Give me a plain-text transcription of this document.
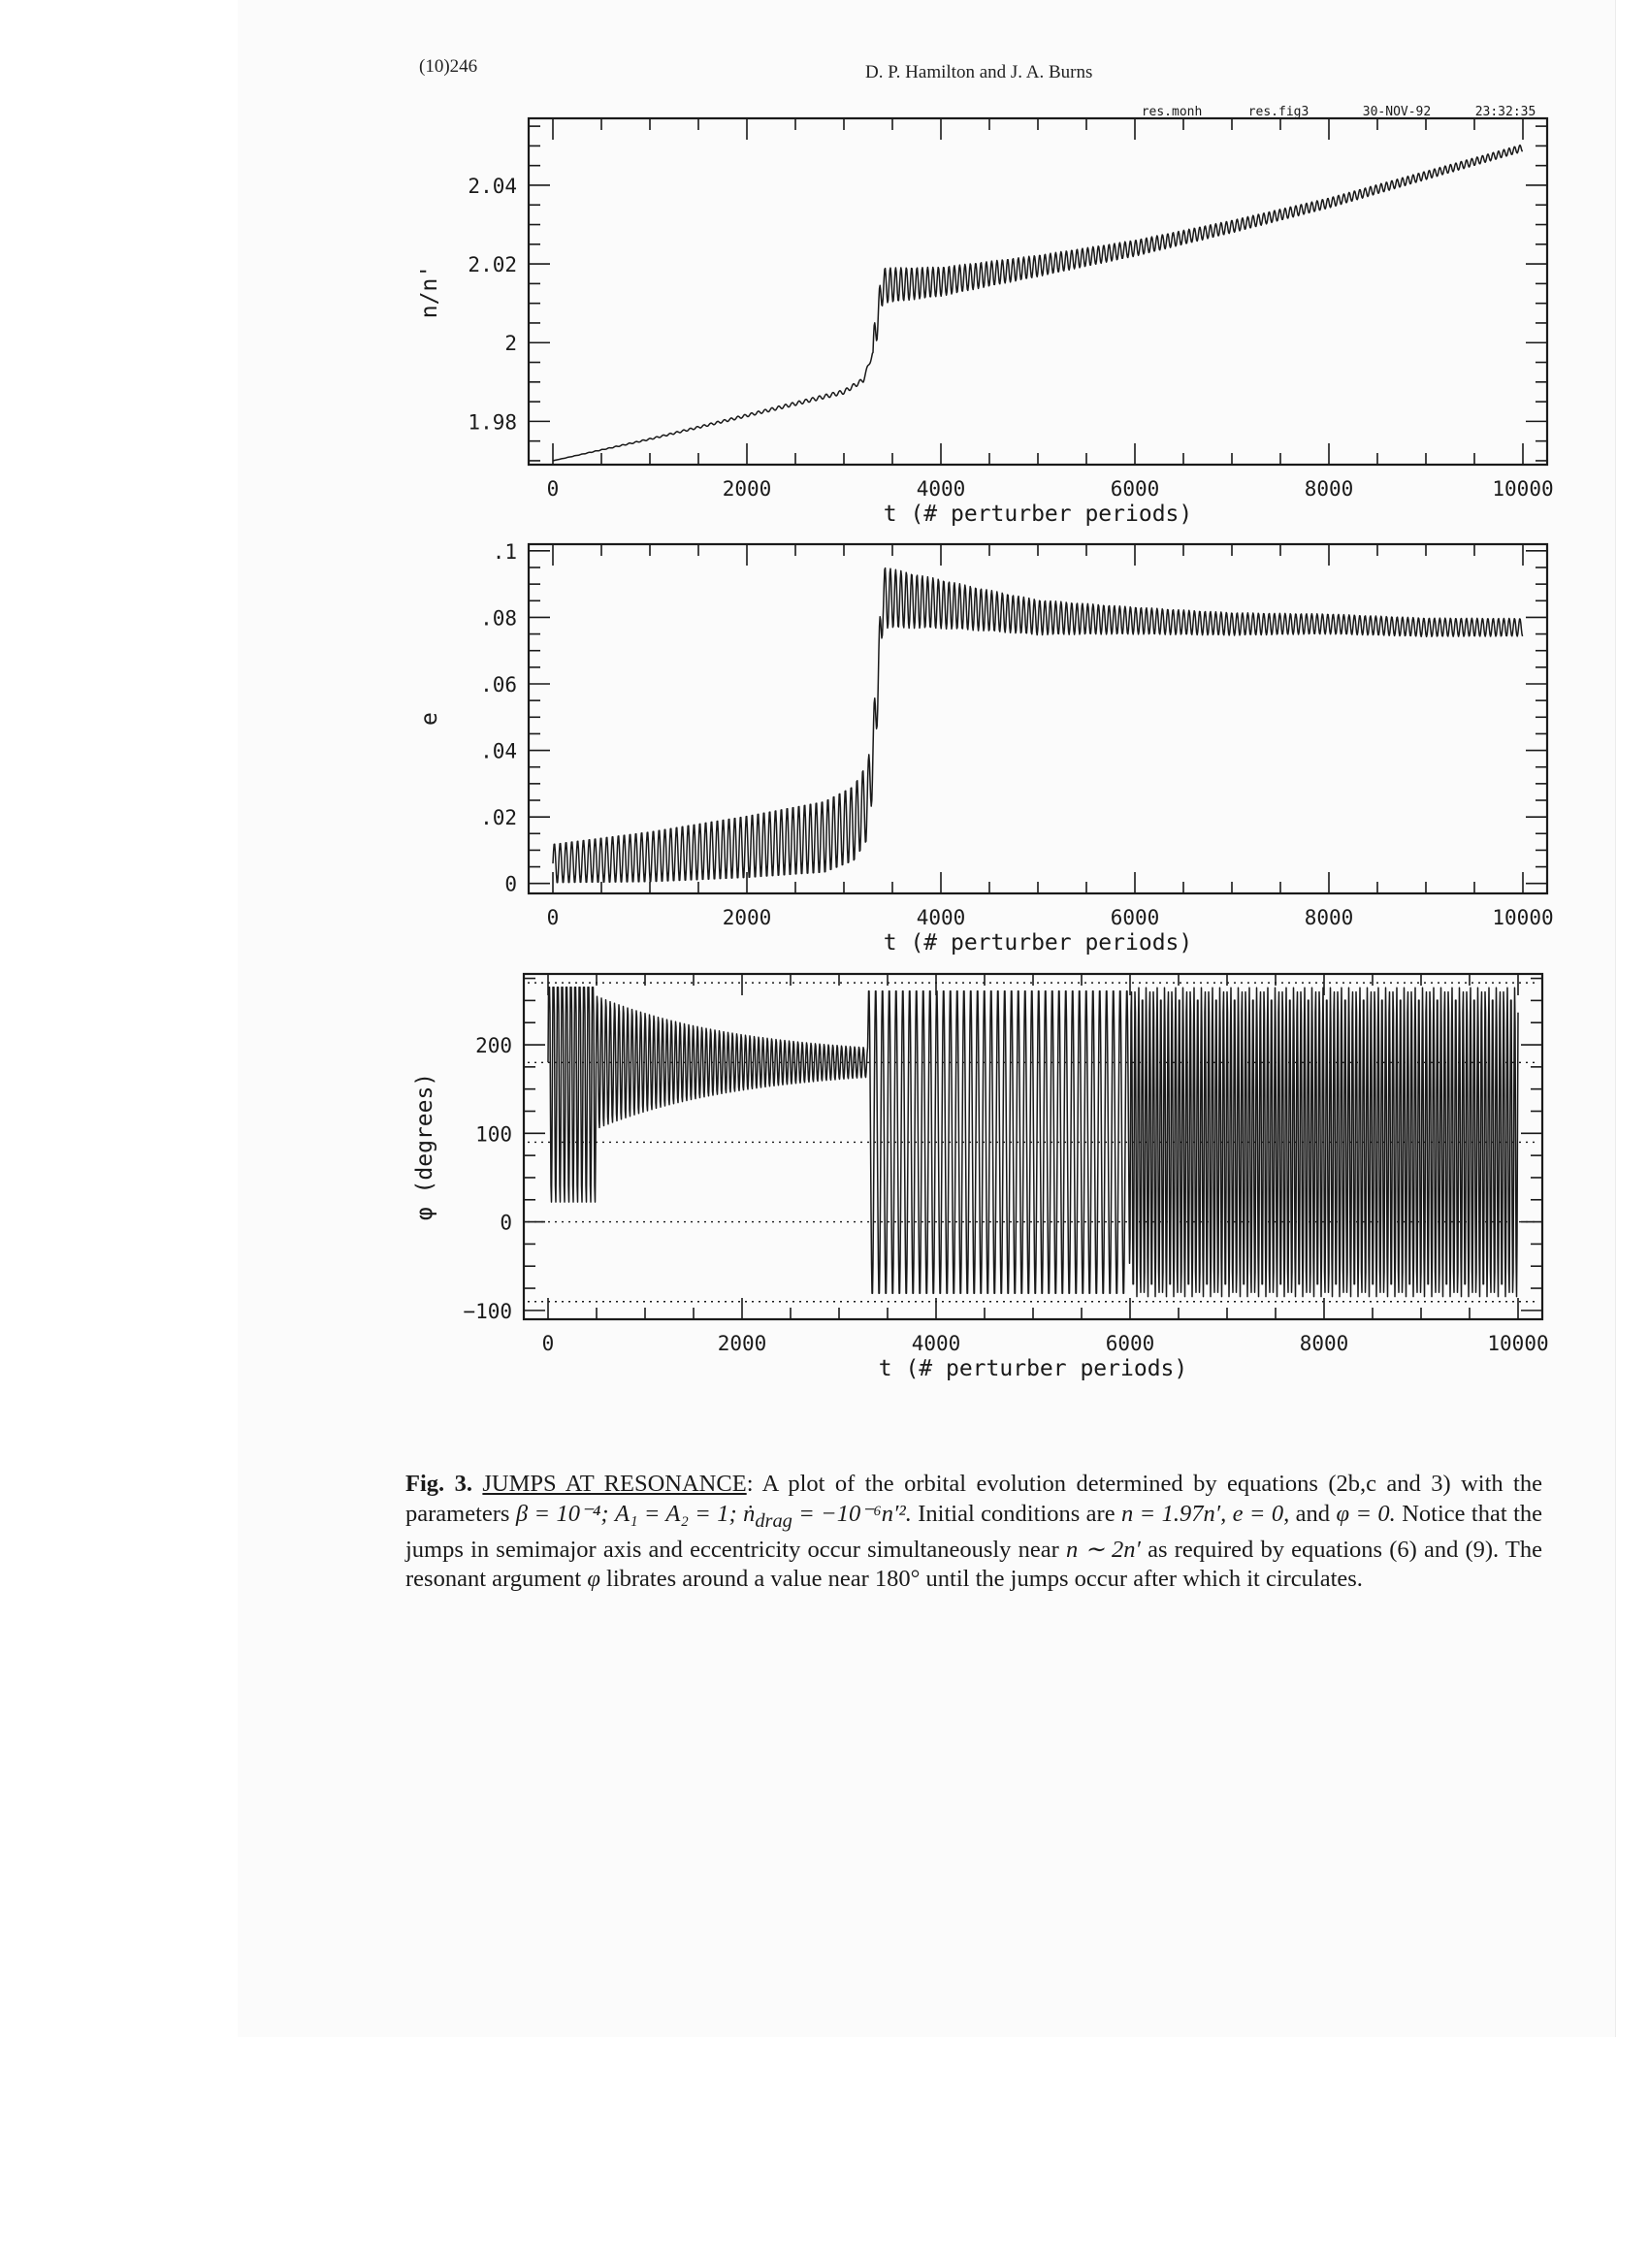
(10)246	D. P. Hamilton and J. A. Burns
0	2000	4000	6000	8000	10000
1.98
2
2.02
2.04
t (# perturber periods)
n/n'
res.monh	res.fig3	30-NOV-92	23:32:35
0	2000	4000	6000	8000	10000
0
.02
.04
.06
.08
.1
t (# perturber periods)
e
0	2000	4000	6000	8000	10000
−100
0
100
200
t (# perturber periods)
φ (degrees)
Fig. 3. JUMPS AT RESONANCE: A plot of the orbital evolution determined by equations (2b,c and 3) with the parameters β = 10⁻⁴; A₁ = A₂ = 1; ṅ$_{drag}$ = −10⁻⁶n′². Initial conditions are n = 1.97n′, e = 0, and φ = 0. Notice that the jumps in semimajor axis and eccentricity occur simultaneously near n ∼ 2n′ as required by equations (6) and (9). The resonant argument φ librates around a value near 180° until the jumps occur after which it circulates.
